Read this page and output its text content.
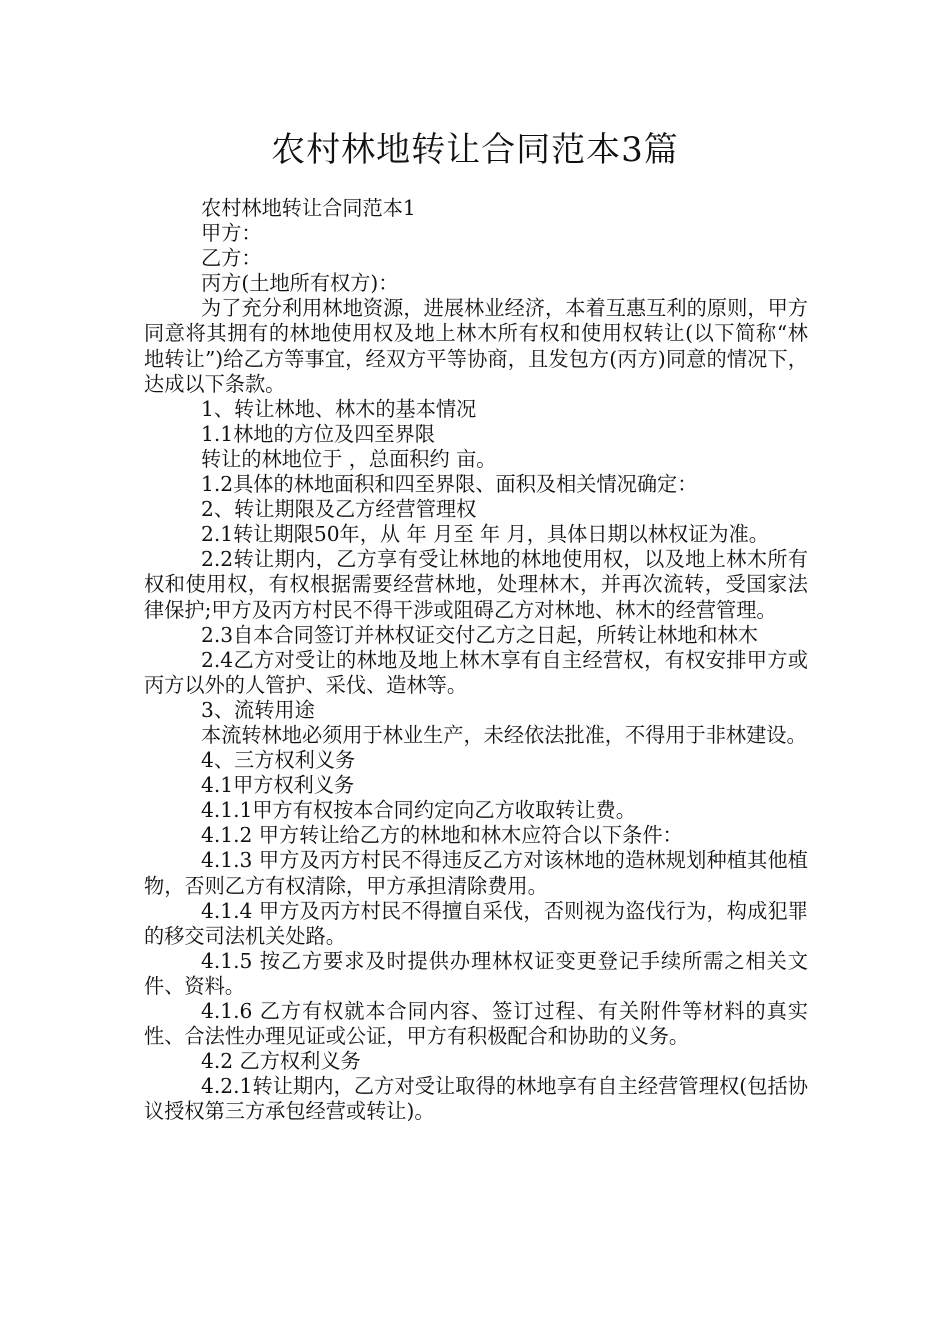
农村林地转让合同范本3篇

农村林地转让合同范本1

甲方：

乙方：

丙方(土地所有权方)：

为了充分利用林地资源，进展林业经济，本着互惠互利的原则，甲方同意将其拥有的林地使用权及地上林木所有权和使用权转让(以下简称“林地转让”)给乙方等事宜，经双方平等协商，且发包方(丙方)同意的情况下，达成以下条款。

1、转让林地、林木的基本情况

1.1林地的方位及四至界限

转让的林地位于 ，总面积约 亩。

1.2具体的林地面积和四至界限、面积及相关情况确定：

2、转让期限及乙方经营管理权

2.1转让期限50年，从 年 月至 年 月，具体日期以林权证为准。

2.2转让期内，乙方享有受让林地的林地使用权，以及地上林木所有权和使用权，有权根据需要经营林地，处理林木，并再次流转，受国家法律保护;甲方及丙方村民不得干涉或阻碍乙方对林地、林木的经营管理。

2.3自本合同签订并林权证交付乙方之日起，所转让林地和林木

2.4乙方对受让的林地及地上林木享有自主经营权，有权安排甲方或丙方以外的人管护、采伐、造林等。

3、流转用途

本流转林地必须用于林业生产，未经依法批准，不得用于非林建设。

4、三方权利义务

4.1甲方权利义务

4.1.1甲方有权按本合同约定向乙方收取转让费。

4.1.2 甲方转让给乙方的林地和林木应符合以下条件：

4.1.3 甲方及丙方村民不得违反乙方对该林地的造林规划种植其他植物，否则乙方有权清除，甲方承担清除费用。

4.1.4 甲方及丙方村民不得擅自采伐，否则视为盗伐行为，构成犯罪的移交司法机关处路。

4.1.5 按乙方要求及时提供办理林权证变更登记手续所需之相关文件、资料。

4.1.6 乙方有权就本合同内容、签订过程、有关附件等材料的真实性、合法性办理见证或公证，甲方有积极配合和协助的义务。

4.2 乙方权利义务

4.2.1转让期内，乙方对受让取得的林地享有自主经营管理权(包括协议授权第三方承包经营或转让)。
